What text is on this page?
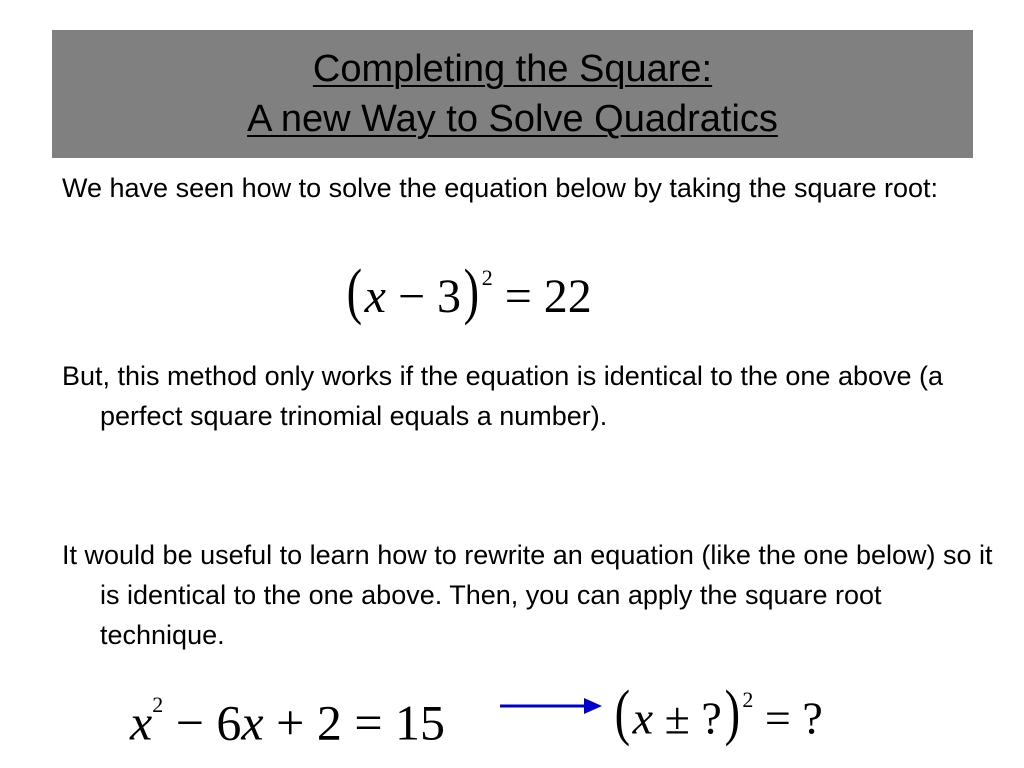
Completing the Square:
A new Way to Solve Quadratics
We have seen how to solve the equation below by taking the square root:
(x − 3) $^2$ = 22
But, this method only works if the equation is identical to the one above (a perfect square trinomial equals a number).
It would be useful to learn how to rewrite an equation (like the one below) so it is identical to the one above. Then, you can apply the square root technique.
$x^2 - 6x + 2 = 15$	(x ± ?) $^2$ = ?
